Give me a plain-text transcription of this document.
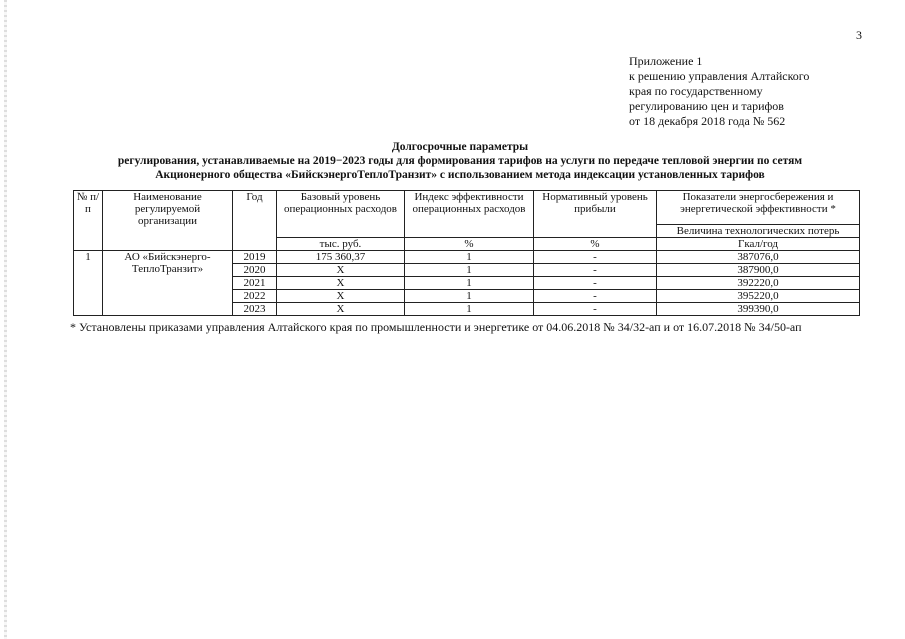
3
Приложение 1
к решению управления Алтайского
края по государственному
регулированию цен и тарифов
от 18 декабря 2018 года № 562
Долгосрочные параметры
регулирования, устанавливаемые на 2019−2023 годы для формирования тарифов на услуги по передаче тепловой энергии по сетям
Акционерного общества «БийскэнергоТеплоТранзит» с использованием метода индексации установленных тарифов
№ п/п	Наименование регулируемой организации	Год	Базовый уровень операционных расходов	Индекс эффективности операционных расходов	Нормативный уровень прибыли	Показатели энергосбережения и энергетической эффективности *
						Величина технологических потерь
			тыс. руб.	%	%	Гкал/год
1	АО «Бийскэнерго-ТеплоТранзит»	2019	175 360,37	1	-	387076,0
		2020	Х	1	-	387900,0
		2021	Х	1	-	392220,0
		2022	Х	1	-	395220,0
		2023	Х	1	-	399390,0
* Установлены приказами управления Алтайского края по промышленности и энергетике от 04.06.2018 № 34/32-ап и от 16.07.2018 № 34/50-ап
